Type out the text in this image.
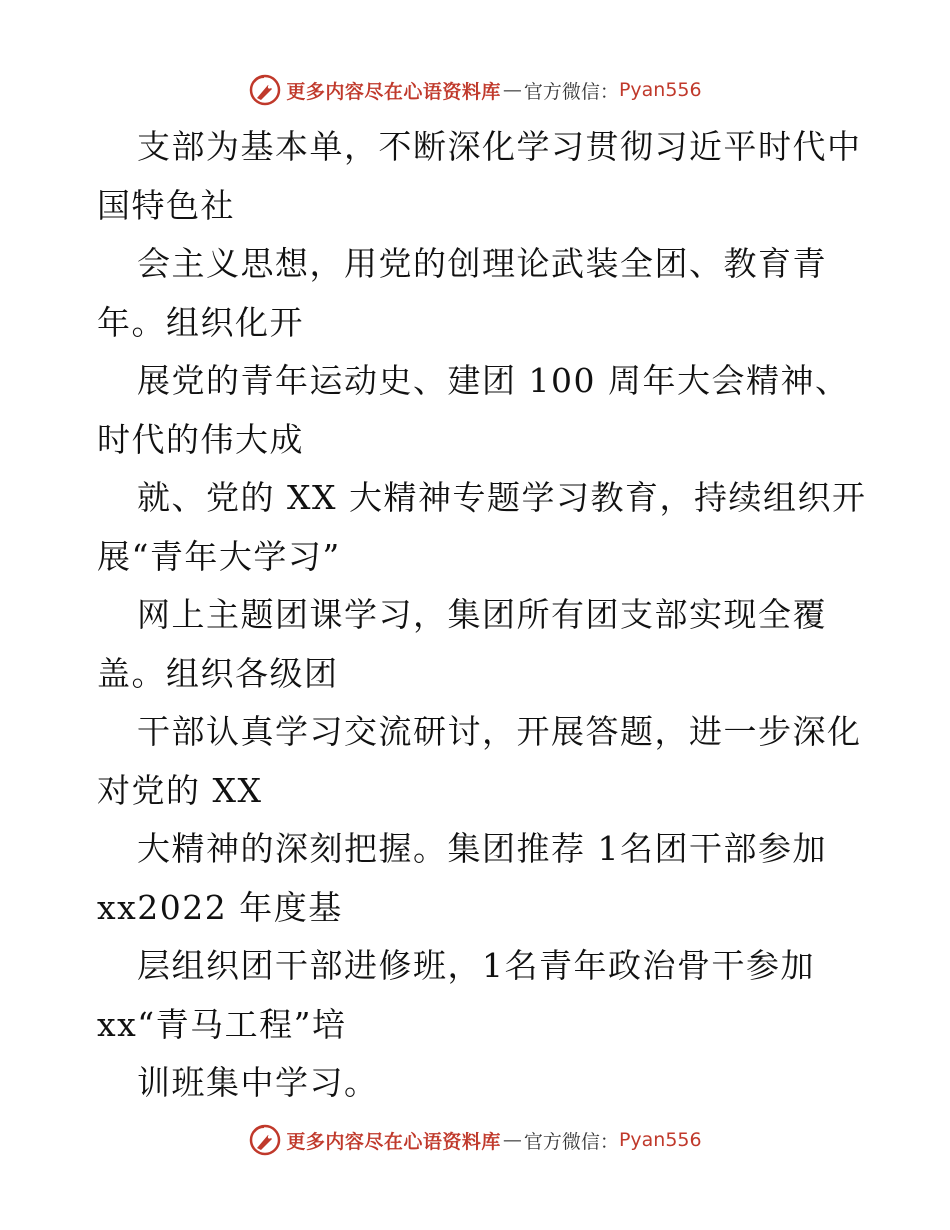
更多内容尽在心语资料库 — 官方微信： Pyan556
支部为基本单，不断深化学习贯彻习近平时代中
国特色社
会主义思想，用党的创理论武装全团、教育青
年。组织化开
展党的青年运动史、建团 100 周年大会精神、
时代的伟大成
就、党的 XX 大精神专题学习教育，持续组织开
展“青年大学习”
网上主题团课学习，集团所有团支部实现全覆
盖。组织各级团
干部认真学习交流研讨，开展答题，进一步深化
对党的 XX
大精神的深刻把握。集团推荐 1名团干部参加
xx2022 年度基
层组织团干部进修班，1名青年政治骨干参加
xx“青马工程”培
训班集中学习。
更多内容尽在心语资料库 — 官方微信： Pyan556
